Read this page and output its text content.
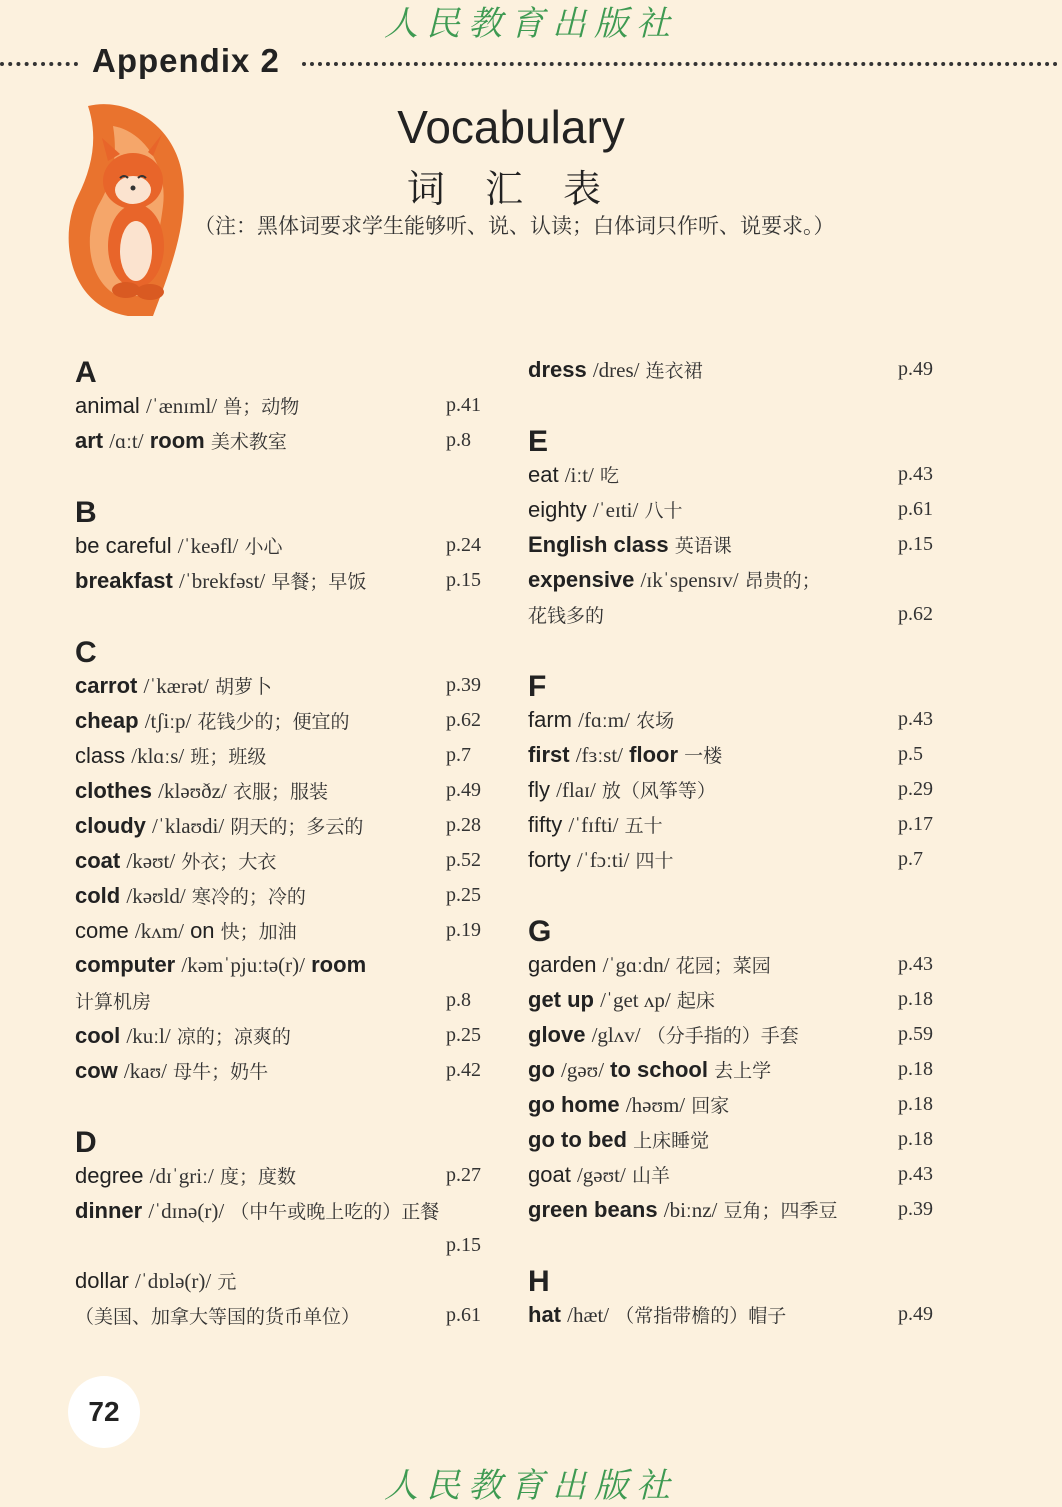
人民教育出版社
Appendix 2
Vocabulary
词 汇 表
（注：黑体词要求学生能够听、说、认读；白体词只作听、说要求。）
A
animal /ˈænɪml/ 兽；动物	p.41
art /ɑːt/ room 美术教室	p.8
B
be careful /ˈkeəfl/ 小心	p.24
breakfast /ˈbrekfəst/ 早餐；早饭	p.15
C
carrot /ˈkærət/ 胡萝卜	p.39
cheap /tʃiːp/ 花钱少的；便宜的	p.62
class /klɑːs/ 班；班级	p.7
clothes /kləʊðz/ 衣服；服装	p.49
cloudy /ˈklaʊdi/ 阴天的；多云的	p.28
coat /kəʊt/ 外衣；大衣	p.52
cold /kəʊld/ 寒冷的；冷的	p.25
come /kʌm/ on 快；加油	p.19
computer /kəmˈpjuːtə(r)/ room
计算机房	p.8
cool /kuːl/ 凉的；凉爽的	p.25
cow /kaʊ/ 母牛；奶牛	p.42
D
degree /dɪˈgriː/ 度；度数	p.27
dinner /ˈdɪnə(r)/ （中午或晚上吃的）正餐
p.15
dollar /ˈdɒlə(r)/ 元
（美国、加拿大等国的货币单位）	p.61
dress /dres/ 连衣裙	p.49
E
eat /iːt/ 吃	p.43
eighty /ˈeɪti/ 八十	p.61
English class 英语课	p.15
expensive /ɪkˈspensɪv/ 昂贵的；
花钱多的	p.62
F
farm /fɑːm/ 农场	p.43
first /fɜːst/ floor 一楼	p.5
fly /flaɪ/ 放（风筝等）	p.29
fifty /ˈfɪfti/ 五十	p.17
forty /ˈfɔːti/ 四十	p.7
G
garden /ˈgɑːdn/ 花园；菜园	p.43
get up /ˈget ʌp/ 起床	p.18
glove /glʌv/ （分手指的）手套	p.59
go /gəʊ/ to school 去上学	p.18
go home /həʊm/ 回家	p.18
go to bed 上床睡觉	p.18
goat /gəʊt/ 山羊	p.43
green beans /biːnz/ 豆角；四季豆	p.39
H
hat /hæt/ （常指带檐的）帽子	p.49
72
人民教育出版社
